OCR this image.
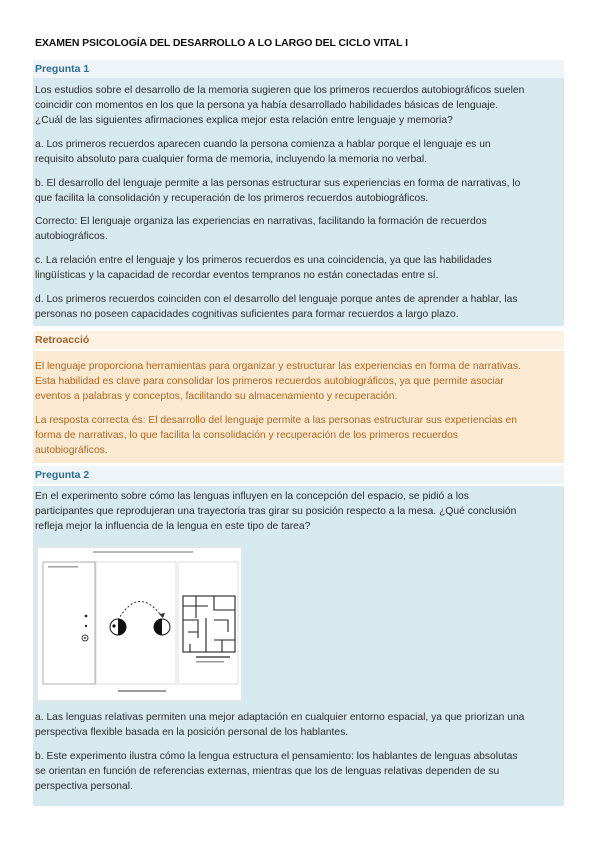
EXAMEN PSICOLOGÍA DEL DESARROLLO A LO LARGO DEL CICLO VITAL I
Pregunta 1
Los estudios sobre el desarrollo de la memoria sugieren que los primeros recuerdos autobiográficos suelen
coincidir con momentos en los que la persona ya había desarrollado habilidades básicas de lenguaje.
¿Cuál de las siguientes afirmaciones explica mejor esta relación entre lenguaje y memoria?
a. Los primeros recuerdos aparecen cuando la persona comienza a hablar porque el lenguaje es un
requisito absoluto para cualquier forma de memoria, incluyendo la memoria no verbal.
b. El desarrollo del lenguaje permite a las personas estructurar sus experiencias en forma de narrativas, lo
que facilita la consolidación y recuperación de los primeros recuerdos autobiográficos.
Correcto: El lenguaje organiza las experiencias en narrativas, facilitando la formación de recuerdos
autobiográficos.
c. La relación entre el lenguaje y los primeros recuerdos es una coincidencia, ya que las habilidades
lingüísticas y la capacidad de recordar eventos tempranos no están conectadas entre sí.
d. Los primeros recuerdos coinciden con el desarrollo del lenguaje porque antes de aprender a hablar, las
personas no poseen capacidades cognitivas suficientes para formar recuerdos a largo plazo.
Retroacció
El lenguaje proporciona herramientas para organizar y estructurar las experiencias en forma de narrativas.
Esta habilidad es clave para consolidar los primeros recuerdos autobiográficos, ya que permite asociar
eventos a palabras y conceptos, facilitando su almacenamiento y recuperación.
La resposta correcta és: El desarrollo del lenguaje permite a las personas estructurar sus experiencias en
forma de narrativas, lo que facilita la consolidación y recuperación de los primeros recuerdos
autobiográficos.
Pregunta 2
En el experimento sobre cómo las lenguas influyen en la concepción del espacio, se pidió a los
participantes que reprodujeran una trayectoria tras girar su posición respecto a la mesa. ¿Qué conclusión
refleja mejor la influencia de la lengua en este tipo de tarea?
a. Las lenguas relativas permiten una mejor adaptación en cualquier entorno espacial, ya que priorizan una
perspectiva flexible basada en la posición personal de los hablantes.
b. Este experimento ilustra cómo la lengua estructura el pensamiento: los hablantes de lenguas absolutas
se orientan en función de referencias externas, mientras que los de lenguas relativas dependen de su
perspectiva personal.
